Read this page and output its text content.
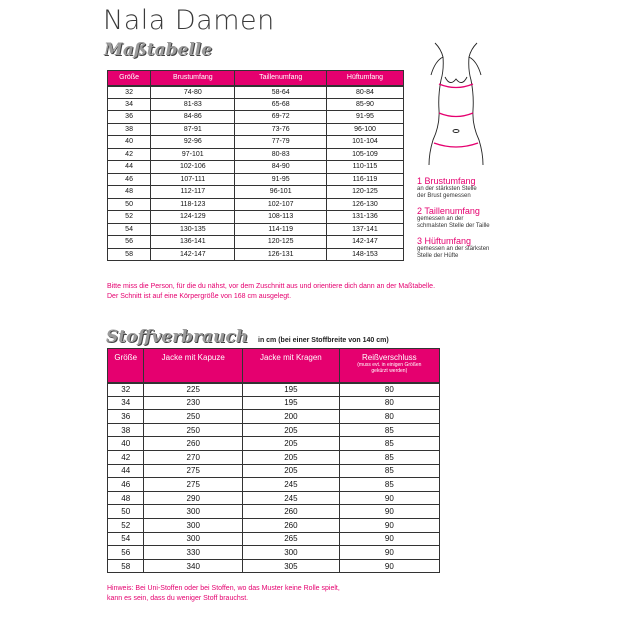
Nala Damen
Maßtabelle
Größe	Brustumfang	Taillenumfang	Hüftumfang
32	74-80	58-64	80-84
34	81-83	65-68	85-90
36	84-86	69-72	91-95
38	87-91	73-76	96-100
40	92-96	77-79	101-104
42	97-101	80-83	105-109
44	102-106	84-90	110-115
46	107-111	91-95	116-119
48	112-117	96-101	120-125
50	118-123	102-107	126-130
52	124-129	108-113	131-136
54	130-135	114-119	137-141
56	136-141	120-125	142-147
58	142-147	126-131	148-153
Bitte miss die Person, für die du nähst, vor dem Zuschnitt aus und orientiere dich dann an der Maßtabelle.
Der Schnitt ist auf eine Körpergröße von 168 cm ausgelegt.
1 Brustumfang
an der stärksten Stelle
der Brust gemessen
2 Taillenumfang
gemessen an der
schmalsten Stelle der Taille
3 Hüftumfang
gemessen an der stärksten
Stelle der Hüfte
Stoffverbrauch in cm (bei einer Stoffbreite von 140 cm)
Größe	Jacke mit Kapuze	Jacke mit Kragen	Reißverschluss
(muss evt. in einigen Größen
gekürzt werden)

32	225	195	80
34	230	195	80
36	250	200	80
38	250	205	85
40	260	205	85
42	270	205	85
44	275	205	85
46	275	245	85
48	290	245	90
50	300	260	90
52	300	260	90
54	300	265	90
56	330	300	90
58	340	305	90
Hinweis: Bei Uni-Stoffen oder bei Stoffen, wo das Muster keine Rolle spielt,
kann es sein, dass du weniger Stoff brauchst.
